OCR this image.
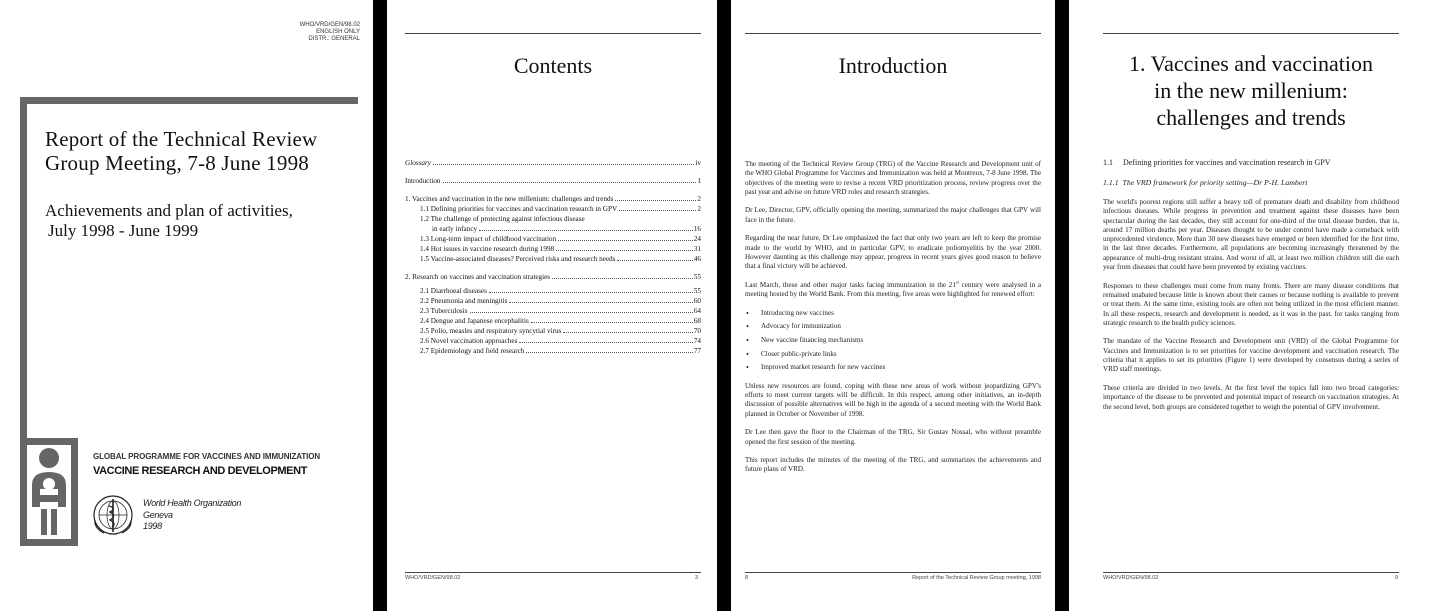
WHO/VRD/GEN/98.02
ENGLISH ONLY
DISTR.: GENERAL
Report of the Technical Review
Group Meeting, 7-8 June 1998
Achievements and plan of activities,
July 1998 - June 1999
GLOBAL PROGRAMME FOR VACCINES AND IMMUNIZATION
VACCINE RESEARCH AND DEVELOPMENT
World Health Organization
Geneva
1998
Contents
Glossary	iv
Introduction	1
1. Vaccines and vaccination in the new millenium: challenges and trends	2
1.1 Defining priorities for vaccines and vaccination research in GPV	2
1.2 The challenge of protecting against infectious disease
in early infancy	16
1.3 Long-term impact of childhood vaccination	24
1.4 Hot issues in vaccine research during 1998	31
1.5 Vaccine-associated diseases? Perceived risks and research needs	46
2. Research on vaccines and vaccination strategies	55
2.1 Diarrhoeal diseases	55
2.2 Pneumonia and meningitis	60
2.3 Tuberculosis	64
2.4 Dengue and Japanese encephalitis	68
2.5 Polio, measles and respiratory syncytial virus	70
2.6 Novel vaccination approaches	74
2.7 Epidemiology and field research	77
WHO/VRD/GEN/98.02	3
Introduction

The meeting of the Technical Review Group (TRG) of the Vaccine Research and Development unit of the WHO Global Programme for Vaccines and Immunization was held at Montreux, 7-8 June 1998. The objectives of the meeting were to revise a recent VRD prioritization process, review progress over the past year and advise on future VRD roles and research strategies.

Dr Lee, Director, GPV, officially opening the meeting, summarized the major challenges that GPV will face in the future.

Regarding the near future, Dr Lee emphasized the fact that only two years are left to keep the promise made to the world by WHO, and in particular GPV, to eradicate poliomyelitis by the year 2000. However daunting as this challenge may appear, progress in recent years gives good reason to believe that a final victory will be achieved.

Last March, these and other major tasks facing immunization in the 21st century were analysed in a meeting hosted by the World Bank. From this meeting, five areas were highlighted for renewed effort:

• Introducing new vaccines
• Advocacy for immunization
• New vaccine financing mechanisms
• Closer public-private links
• Improved market research for new vaccines

Unless new resources are found, coping with these new areas of work without jeopardizing GPV's efforts to meet current targets will be difficult. In this respect, among other initiatives, an in-depth discussion of possible alternatives will be high in the agenda of a second meeting with the World Bank planned in October or November of 1998.

Dr Lee then gave the floor to the Chairman of the TRG, Sir Gustav Nossal, who without preamble opened the first session of the meeting.

This report includes the minutes of the meeting of the TRG, and summarizes the achievements and future plans of VRD.

8	Report of the Technical Review Group meeting, 1998
1. Vaccines and vaccination
in the new millenium:
challenges and trends
1.1     Defining priorities for vaccines and vaccination research in GPV
1.1.1  The VRD framework for priority setting—Dr P-H. Lambert

The world's poorest regions still suffer a heavy toll of premature death and disability from childhood infectious diseases. While progress in prevention and treatment against these diseases have been spectacular during the last decades, they still account for one-third of the total disease burden, that is, around 17 million deaths per year. Diseases thought to be under control have made a comeback with unprecedented virulence. More than 30 new diseases have emerged or been identified for the first time, in the last three decades. Furthermore, all populations are becoming increasingly threatened by the appearance of multi-drug resistant strains. And worst of all, at least two million children still die each year from diseases that could have been prevented by existing vaccines.

Responses to these challenges must come from many fronts. There are many disease conditions that remained unabated because little is known about their causes or because nothing is available to prevent or treat them. At the same time, existing tools are often not being utilized in the most efficient manner. In all these respects, research and development is needed, as it was in the past, for tasks ranging from strategic research to the health policy sciences.

The mandate of the Vaccine Research and Development unit (VRD) of the Global Programme for Vaccines and Immunization is to set priorities for vaccine development and vaccination research. The criteria that it applies to set its priorities (Figure 1) were developed by consensus during a series of VRD staff meetings.

These criteria are divided in two levels. At the first level the topics fall into two broad categories: importance of the disease to be prevented and potential impact of research on vaccination strategies. At the second level, both groups are considered together to weigh the potential of GPV involvement.

WHO/VRD/GEN/98.02	9
